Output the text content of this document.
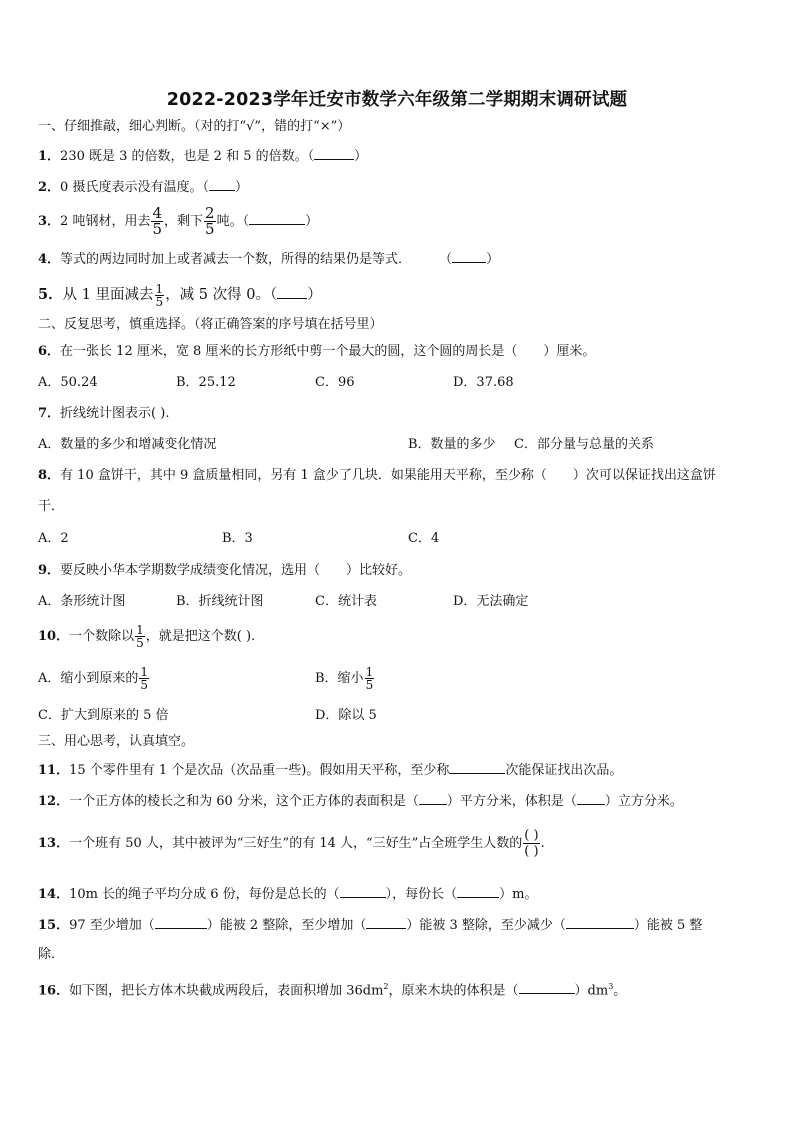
2022-2023学年迁安市数学六年级第二学期期末调研试题
一、仔细推敲，细心判断。（对的打“√”，错的打“×”）
1．230 既是 3 的倍数，也是 2 和 5 的倍数。（	）
2．0 摄氏度表示没有温度。（ ）
3．2 吨钢材，用去 $\frac{4}{5}$ ，剩下 $\frac{2}{5}$ 吨。（	）
4．等式的两边同时加上或者减去一个数，所得的结果仍是等式． （	）
5．从 1 里面减去 $\frac{1}{5}$ ，减 5 次得 0。（ ）
二、反复思考，慎重选择。（将正确答案的序号填在括号里）
6．在一张长 12 厘米，宽 8 厘米的长方形纸中剪一个最大的圆，这个圆的周长是（　　）厘米。
A．50.24	B．25.12	C．96	D．37.68
7．折线统计图表示( ).
A．数量的多少和增减变化情况	B．数量的多少 C．部分量与总量的关系
8．有 10 盒饼干，其中 9 盒质量相同，另有 1 盒少了几块．如果能用天平称，至少称（　　）次可以保证找出这盒饼
干．
A．2	B．3	C．4
9．要反映小华本学期数学成绩变化情况，选用（　　）比较好。
A．条形统计图	B．折线统计图	C．统计表	D．无法确定
10．一个数除以 $\frac{1}{5}$ ，就是把这个数( ).
A．缩小到原来的 $\frac{1}{5}$	B．缩小 $\frac{1}{5}$
C．扩大到原来的 5 倍	D．除以 5
三、用心思考，认真填空。
11．15 个零件里有 1 个是次品（次品重一些)。假如用天平称，至少称	次能保证找出次品。
12．一个正方体的棱长之和为 60 分米，这个正方体的表面积是（ ）平方分米，体积是（ ）立方分米。
13．一个班有 50 人，其中被评为“三好生”的有 14 人，“三好生”占全班学生人数的 $\frac{( )}{( )}$ .
14．10m 长的绳子平均分成 6 份，每份是总长的（	），每份长（	）m。
15．97 至少增加（	）能被 2 整除，至少增加（	）能被 3 整除，至少减少（	）能被 5 整
除．
16．如下图，把长方体木块截成两段后，表面积增加 $36dm^2$，原来木块的体积是（	）$dm^3$。
